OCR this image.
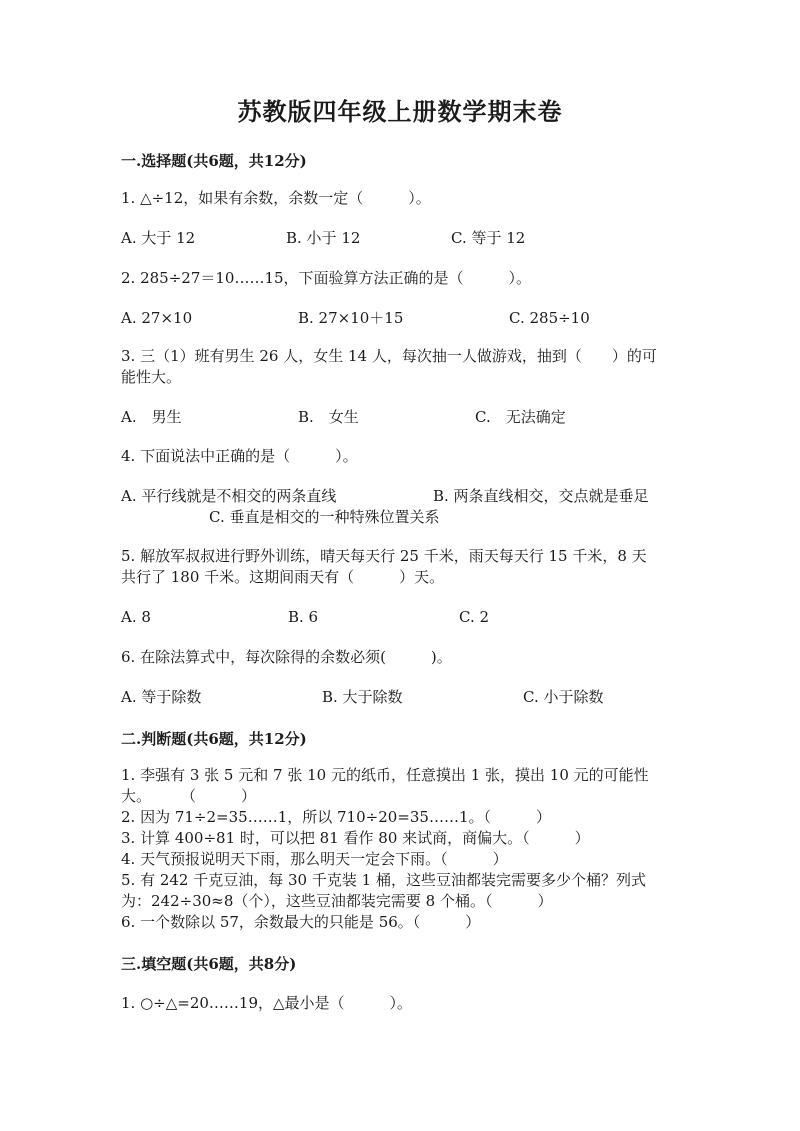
苏教版四年级上册数学期末卷
一.选择题(共6题，共12分)
1. △÷12，如果有余数，余数一定（　　　）。
A. 大于 12	B. 小于 12	C. 等于 12
2. 285÷27＝10……15，下面验算方法正确的是（　　　）。
A. 27×10	B. 27×10＋15	C. 285÷10
3. 三（1）班有男生 26 人，女生 14 人，每次抽一人做游戏，抽到（　　）的可
能性大。
A.　男生	B.　女生	C.　无法确定
4. 下面说法中正确的是（　　　）。
A. 平行线就是不相交的两条直线	B. 两条直线相交，交点就是垂足
C. 垂直是相交的一种特殊位置关系
5. 解放军叔叔进行野外训练，晴天每天行 25 千米，雨天每天行 15 千米，8 天
共行了 180 千米。这期间雨天有（　　　）天。
A. 8	B. 6	C. 2
6. 在除法算式中，每次除得的余数必须(　　　)。
A. 等于除数	B. 大于除数	C. 小于除数
二.判断题(共6题，共12分)
1. 李强有 3 张 5 元和 7 张 10 元的纸币，任意摸出 1 张，摸出 10 元的可能性
大。　　　（　　　）
2. 因为 71÷2=35……1，所以 710÷20=35……1。（　　　）
3. 计算 400÷81 时，可以把 81 看作 80 来试商，商偏大。（　　　）
4. 天气预报说明天下雨，那么明天一定会下雨。（　　　）
5. 有 242 千克豆油，每 30 千克装 1 桶，这些豆油都装完需要多少个桶？列式
为：242÷30≈8（个），这些豆油都装完需要 8 个桶。（　　　）
6. 一个数除以 57，余数最大的只能是 56。（　　　）
三.填空题(共6题，共8分)
1. ○÷△=20……19，△最小是（　　　）。
